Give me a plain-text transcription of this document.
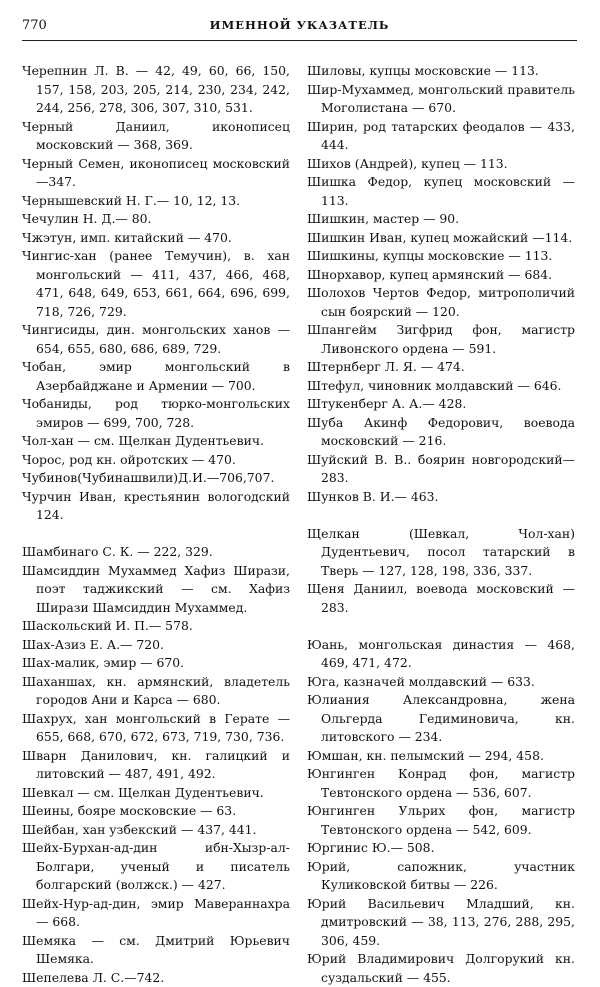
770	ИМЕННОЙ УКАЗАТЕЛЬ

Черепнин Л. В. — 42, 49, 60, 66, 150, 157, 158, 203, 205, 214, 230, 234, 242, 244, 256, 278, 306, 307, 310, 531.

Черный Даниил, иконописец московский — 368, 369.

Черный Семен, иконописец московский—347.

Чернышевский Н. Г.— 10, 12, 13.

Чечулин Н. Д.— 80.

Чжэтун, имп. китайский — 470.

Чингис-хан (ранее Темучин), в. хан монгольский — 411, 437, 466, 468, 471, 648, 649, 653, 661, 664, 696, 699, 718, 726, 729.

Чингисиды, дин. монгольских ханов — 654, 655, 680, 686, 689, 729.

Чобан, эмир монгольский в Азербайджане и Армении — 700.

Чобаниды, род тюрко-монгольских эмиров — 699, 700, 728.

Чол-хан — см. Щелкан Дудентьевич.

Чорос, род кн. ойротских — 470.

Чубинов(Чубинашвили)Д.И.—706,707.

Чурчин Иван, крестьянин вологодский 124.

Шамбинаго С. К. — 222, 329.

Шамсиддин Мухаммед Хафиз Ширази, поэт таджикский — см. Хафиз Ширази Шамсиддин Мухаммед.

Шаскольский И. П.— 578.

Шах-Азиз Е. А.— 720.

Шах-малик, эмир — 670.

Шаханшах, кн. армянский, владетель городов Ани и Карса — 680.

Шахрух, хан монгольский в Герате — 655, 668, 670, 672, 673, 719, 730, 736.

Шварн Данилович, кн. галицкий и литовский — 487, 491, 492.

Шевкал — см. Щелкан Дудентьевич.

Шеины, бояре московские — 63.

Шейбан, хан узбекский — 437, 441.

Шейх-Бурхан-ад-дин ибн-Хызр-ал-Болгари, ученый и писатель болгарский (волжск.) — 427.

Шейх-Нур-ад-дин, эмир Мавераннахра — 668.

Шемяка — см. Дмитрий Юрьевич Шемяка.

Шепелева Л. С.—742.

Шиловы, купцы московские — 113.

Шир-Мухаммед, монгольский правитель Моголистана — 670.

Ширин, род татарских феодалов — 433, 444.

Шихов (Андрей), купец — 113.

Шишка Федор, купец московский — 113.

Шишкин, мастер — 90.

Шишкин Иван, купец можайский —114.

Шишкины, купцы московские — 113.

Шнорхавор, купец армянский — 684.

Шолохов Чертов Федор, митрополичий сын боярский — 120.

Шпангейм Зигфрид фон, магистр Ливонского ордена — 591.

Штернберг Л. Я. — 474.

Штефул, чиновник молдавский — 646.

Штукенберг А. А.— 428.

Шуба Акинф Федорович, воевода московский — 216.

Шуйский В. В.. боярин новгородский—283.

Шунков В. И.— 463.

Щелкан (Шевкал, Чол-хан) Дудентьевич, посол татарский в Тверь — 127, 128, 198, 336, 337.

Щеня Даниил, воевода московский — 283.

Юань, монгольская династия — 468, 469, 471, 472.

Юга, казначей молдавский — 633.

Юлиания Александровна, жена Ольгерда Гедиминовича, кн. литовского — 234.

Юмшан, кн. пелымский — 294, 458.

Юнгинген Конрад фон, магистр Тевтонского ордена — 536, 607.

Юнгинген Ульрих фон, магистр Тевтонского ордена — 542, 609.

Юргинис Ю.— 508.

Юрий, сапожник, участник Куликовской битвы — 226.

Юрий Васильевич Младший, кн. дмитровский — 38, 113, 276, 288, 295, 306, 459.

Юрий Владимирович Долгорукий кн. суздальский — 455.
